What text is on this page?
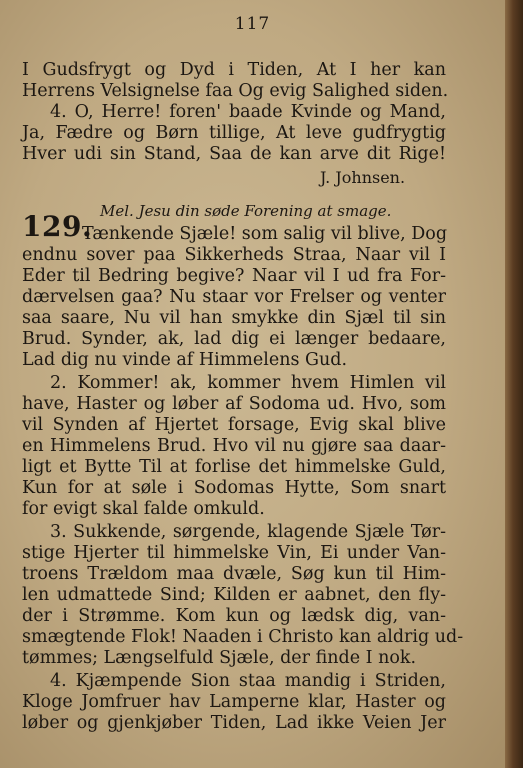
117
I Gudsfrygt og Dyd i Tiden, At I her kan
Herrens Velsignelse faa Og evig Salighed siden.
4. O, Herre! foren' baade Kvinde og Mand,
Ja, Fædre og Børn tillige, At leve gudfrygtig
Hver udi sin Stand, Saa de kan arve dit Rige!
J. Johnsen.
Mel. Jesu din søde Forening at smage.
129.
Tænkende Sjæle! som salig vil blive, Dog
endnu sover paa Sikkerheds Straa, Naar vil I
Eder til Bedring begive? Naar vil I ud fra For-
dærvelsen gaa? Nu staar vor Frelser og venter
saa saare, Nu vil han smykke din Sjæl til sin
Brud. Synder, ak, lad dig ei længer bedaare,
Lad dig nu vinde af Himmelens Gud.
2. Kommer! ak, kommer hvem Himlen vil
have, Haster og løber af Sodoma ud. Hvo, som
vil Synden af Hjertet forsage, Evig skal blive
en Himmelens Brud. Hvo vil nu gjøre saa daar-
ligt et Bytte Til at forlise det himmelske Guld,
Kun for at søle i Sodomas Hytte, Som snart
for evigt skal falde omkuld.
3. Sukkende, sørgende, klagende Sjæle Tør-
stige Hjerter til himmelske Vin, Ei under Van-
troens Trældom maa dvæle, Søg kun til Him-
len udmattede Sind; Kilden er aabnet, den fly-
der i Strømme. Kom kun og lædsk dig, van-
smægtende Flok! Naaden i Christo kan aldrig ud-
tømmes; Længselfuld Sjæle, der finde I nok.
4. Kjæmpende Sion staa mandig i Striden,
Kloge Jomfruer hav Lamperne klar, Haster og
løber og gjenkjøber Tiden, Lad ikke Veien Jer
